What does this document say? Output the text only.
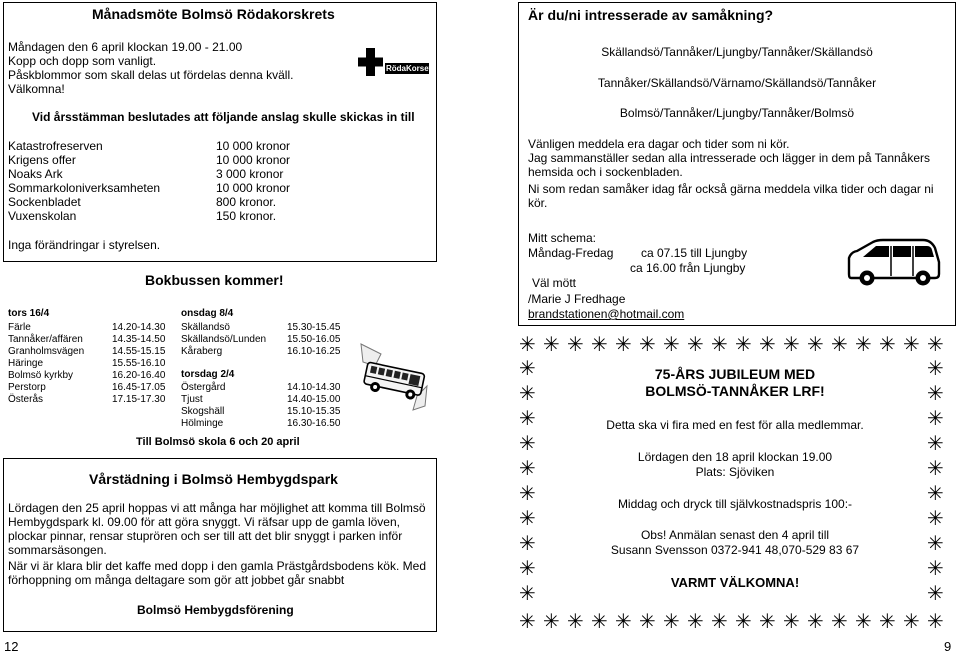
Månadsmöte Bolmsö Rödakorskrets
Måndagen den 6 april klockan 19.00 - 21.00
Kopp och dopp som vanligt.
Påskblommor som skall delas ut fördelas denna kväll.
Välkomna!
RödaKorset
Vid årsstämman beslutades att följande anslag skulle skickas in till
Katastrofreserven	10 000 kronor
Krigens offer	10 000 kronor
Noaks Ark	3 000 kronor
Sommarkoloniverksamheten	10 000 kronor
Sockenbladet	800 kronor.
Vuxenskolan	150 kronor.
Inga förändringar i styrelsen.
Bokbussen kommer!
tors 16/4
Färle	14.20-14.30
Tannåker/affären	14.35-14.50
Granholmsvägen	14.55-15.15
Häringe	15.55-16.10
Bolmsö kyrkby	16.20-16.40
Perstorp	16.45-17.05
Österås	17.15-17.30
onsdag 8/4
Skällandsö	15.30-15.45
Skällandsö/Lunden 15.50-16.05
Kåraberg	16.10-16.25
torsdag 2/4
Östergård	14.10-14.30
Tjust	14.40-15.00
Skogshäll	15.10-15.35
Hölminge	16.30-16.50
Till Bolmsö skola 6 och 20 april
Vårstädning i Bolmsö Hembygdspark
Lördagen den 25 april hoppas vi att många har möjlighet att komma till Bolmsö Hembygdspark kl. 09.00 för att göra snyggt. Vi räfsar upp de gamla löven, plockar pinnar, rensar stuprören och ser till att det blir snyggt i parken inför sommarsäsongen.
När vi är klara blir det kaffe med dopp i den gamla Prästgårdsbodens kök. Med förhoppning om många deltagare som gör att jobbet går snabbt
Bolmsö Hembygdsförening
12
Är du/ni intresserade av samåkning?
Skällandsö/Tannåker/Ljungby/Tannåker/Skällandsö
Tannåker/Skällandsö/Värnamo/Skällandsö/Tannåker
Bolmsö/Tannåker/Ljungby/Tannåker/Bolmsö
Vänligen meddela era dagar och tider som ni kör.
Jag sammanställer sedan alla intresserade och lägger in dem på Tannåkers hemsida och i sockenbladen.
Ni som redan samåker idag får också gärna meddela vilka tider och dagar ni kör.
Mitt schema:
Måndag-Fredag ca 07.15 till Ljungby
ca 16.00 från Ljungby
Väl mött
/Marie J Fredhage
brandstationen@hotmail.com
✳ ✳ ✳ ✳ ✳ ✳ ✳ ✳ ✳ ✳ ✳ ✳ ✳ ✳ ✳ ✳ ✳ ✳
✳ ✳ ✳ ✳ ✳ ✳ ✳ ✳ ✳ ✳ ✳ ✳ ✳ ✳ ✳ ✳ ✳ ✳
✳
✳
✳
✳
✳
✳
✳
✳
✳
✳
✳
✳
✳
✳
✳
✳
✳
✳
✳
✳
75-ÅRS JUBILEUM MED
BOLMSÖ-TANNÅKER LRF!
Detta ska vi fira med en fest för alla medlemmar.
Lördagen den 18 april klockan 19.00
Plats: Sjöviken
Middag och dryck till självkostnadspris 100:-
Obs! Anmälan senast den 4 april till
Susann Svensson 0372-941 48,070-529 83 67
VARMT VÄLKOMNA!
9
